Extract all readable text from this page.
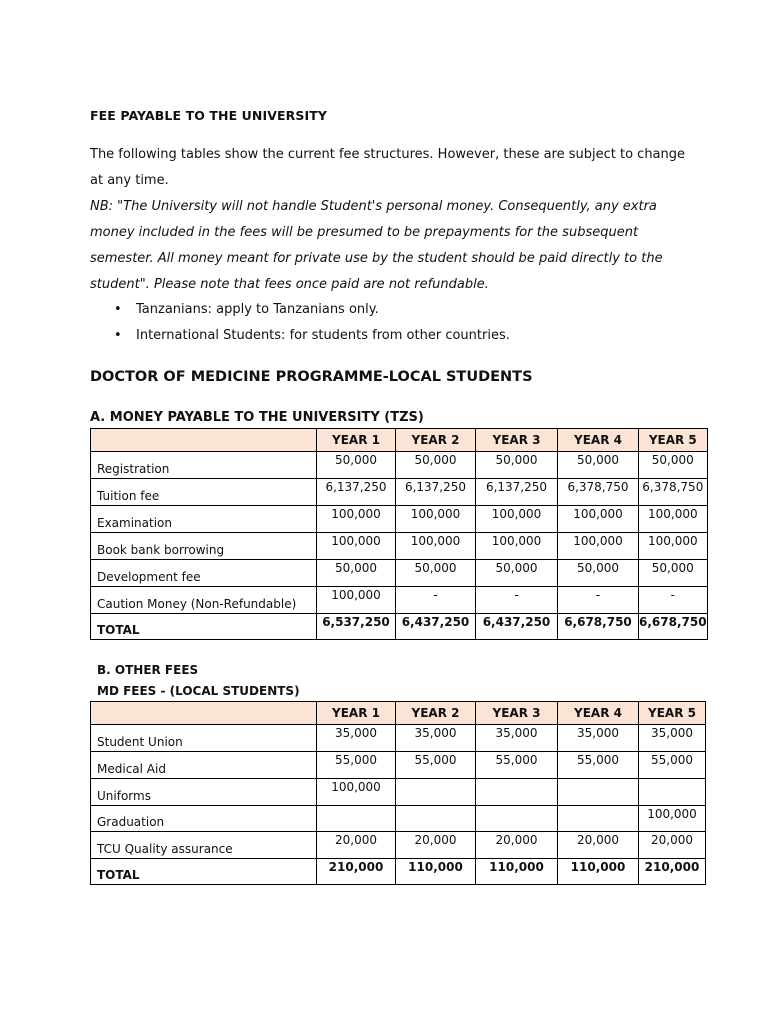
FEE PAYABLE TO THE UNIVERSITY

The following tables show the current fee structures. However, these are subject to change at any time.

NB: "The University will not handle Student's personal money. Consequently, any extra money included in the fees will be presumed to be prepayments for the subsequent semester. All money meant for private use by the student should be paid directly to the student". Please note that fees once paid are not refundable.

• Tanzanians: apply to Tanzanians only.
• International Students: for students from other countries.
DOCTOR OF MEDICINE PROGRAMME-LOCAL STUDENTS
A. MONEY PAYABLE TO THE UNIVERSITY (TZS)
	YEAR 1	YEAR 2	YEAR 3	YEAR 4	YEAR 5
Registration	50,000	50,000	50,000	50,000	50,000
Tuition fee	6,137,250	6,137,250	6,137,250	6,378,750	6,378,750
Examination	100,000	100,000	100,000	100,000	100,000
Book bank borrowing	100,000	100,000	100,000	100,000	100,000
Development fee	50,000	50,000	50,000	50,000	50,000
Caution Money (Non-Refundable)	100,000	-	-	-	-
TOTAL	6,537,250	6,437,250	6,437,250	6,678,750	6,678,750
B. OTHER FEES
MD FEES - (LOCAL STUDENTS)
	YEAR 1	YEAR 2	YEAR 3	YEAR 4	YEAR 5
Student Union	35,000	35,000	35,000	35,000	35,000
Medical Aid	55,000	55,000	55,000	55,000	55,000
Uniforms	100,000				
Graduation					100,000
TCU Quality assurance	20,000	20,000	20,000	20,000	20,000
TOTAL	210,000	110,000	110,000	110,000	210,000
